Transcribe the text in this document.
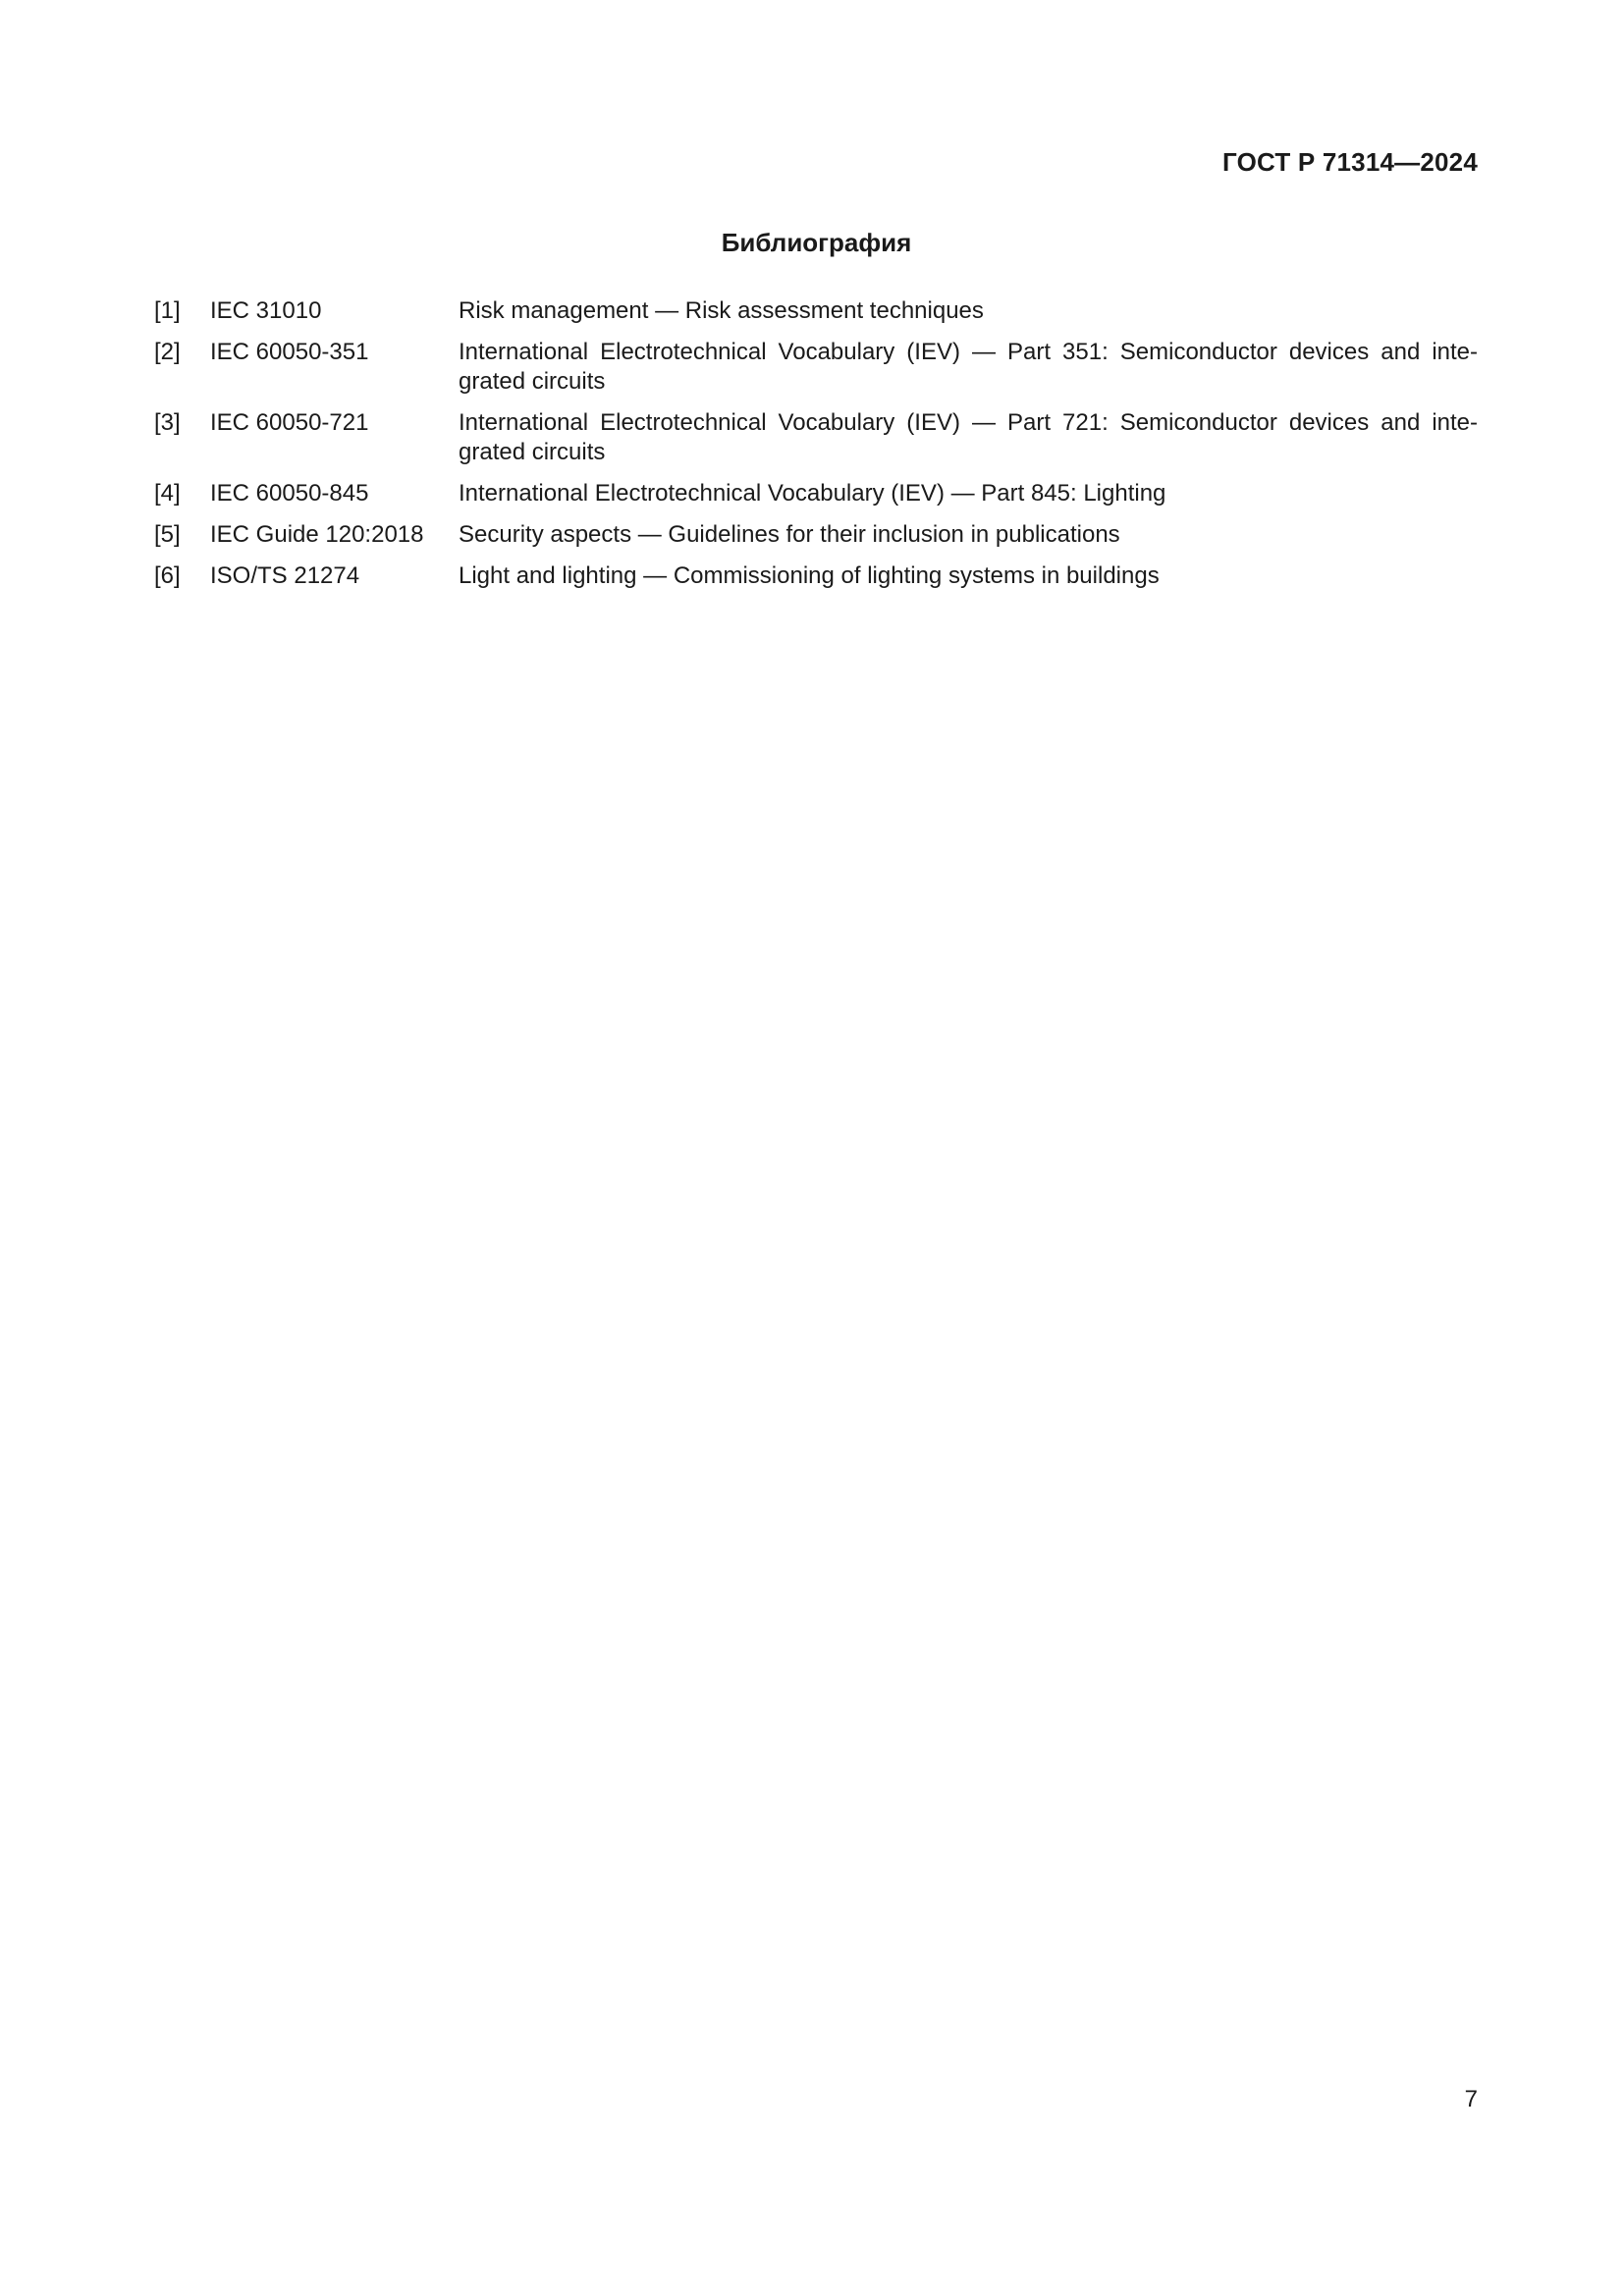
ГОСТ Р 71314—2024
Библиография
[1]	IEC 31010	Risk management — Risk assessment techniques
[2]	IEC 60050-351	International Electrotechnical Vocabulary (IEV) — Part 351: Semiconductor devices and inte-grated circuits
[3]	IEC 60050-721	International Electrotechnical Vocabulary (IEV) — Part 721: Semiconductor devices and inte-grated circuits
[4]	IEC 60050-845	International Electrotechnical Vocabulary (IEV) — Part 845: Lighting
[5]	IEC Guide 120:2018	Security aspects — Guidelines for their inclusion in publications
[6]	ISO/TS 21274	Light and lighting — Commissioning of lighting systems in buildings
7
